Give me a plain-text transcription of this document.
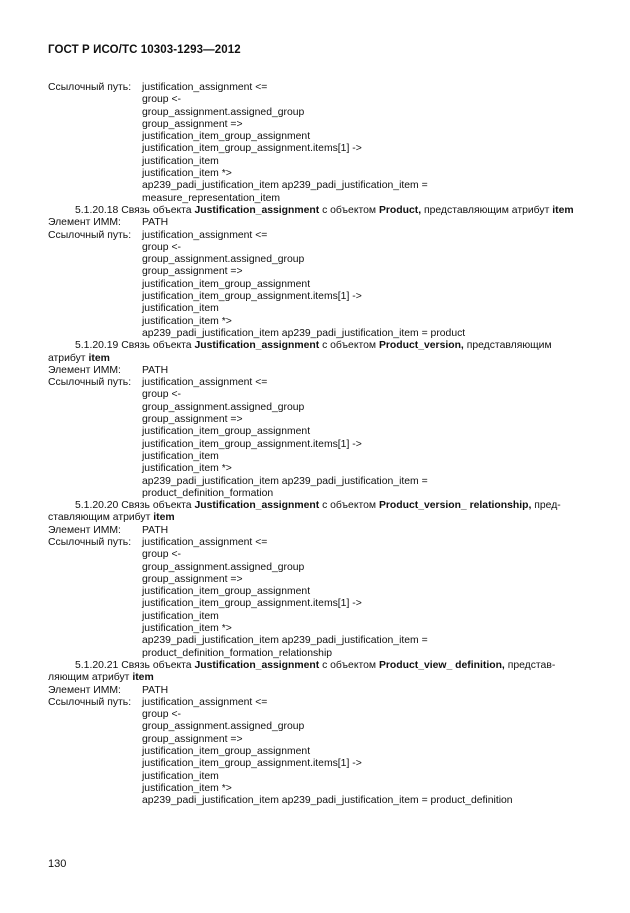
ГОСТ Р ИСО/ТС 10303-1293—2012
Ссылочный путь:	justification_assignment <=
group <-
group_assignment.assigned_group
group_assignment =>
justification_item_group_assignment
justification_item_group_assignment.items[1] ->
justification_item
justification_item *>
ap239_padi_justification_item ap239_padi_justification_item =
measure_representation_item
5.1.20.18 Связь объекта Justification_assignment с объектом Product, представляющим атрибут item
Элемент ИММ:	PATH
Ссылочный путь:	justification_assignment <=
group <-
group_assignment.assigned_group
group_assignment =>
justification_item_group_assignment
justification_item_group_assignment.items[1] ->
justification_item
justification_item *>
ap239_padi_justification_item ap239_padi_justification_item = product
5.1.20.19 Связь объекта Justification_assignment с объектом Product_version, представляющим
атрибут item
Элемент ИММ:	PATH
Ссылочный путь:	justification_assignment <=
group <-
group_assignment.assigned_group
group_assignment =>
justification_item_group_assignment
justification_item_group_assignment.items[1] ->
justification_item
justification_item *>
ap239_padi_justification_item ap239_padi_justification_item =
product_definition_formation
5.1.20.20 Связь объекта Justification_assignment с объектом Product_version_ relationship, пред-
ставляющим атрибут item
Элемент ИММ:	PATH
Ссылочный путь:	justification_assignment <=
group <-
group_assignment.assigned_group
group_assignment =>
justification_item_group_assignment
justification_item_group_assignment.items[1] ->
justification_item
justification_item *>
ap239_padi_justification_item ap239_padi_justification_item =
product_definition_formation_relationship
5.1.20.21 Связь объекта Justification_assignment с объектом Product_view_ definition, представ-
ляющим атрибут item
Элемент ИММ:	PATH
Ссылочный путь:	justification_assignment <=
group <-
group_assignment.assigned_group
group_assignment =>
justification_item_group_assignment
justification_item_group_assignment.items[1] ->
justification_item
justification_item *>
ap239_padi_justification_item ap239_padi_justification_item = product_definition
130
